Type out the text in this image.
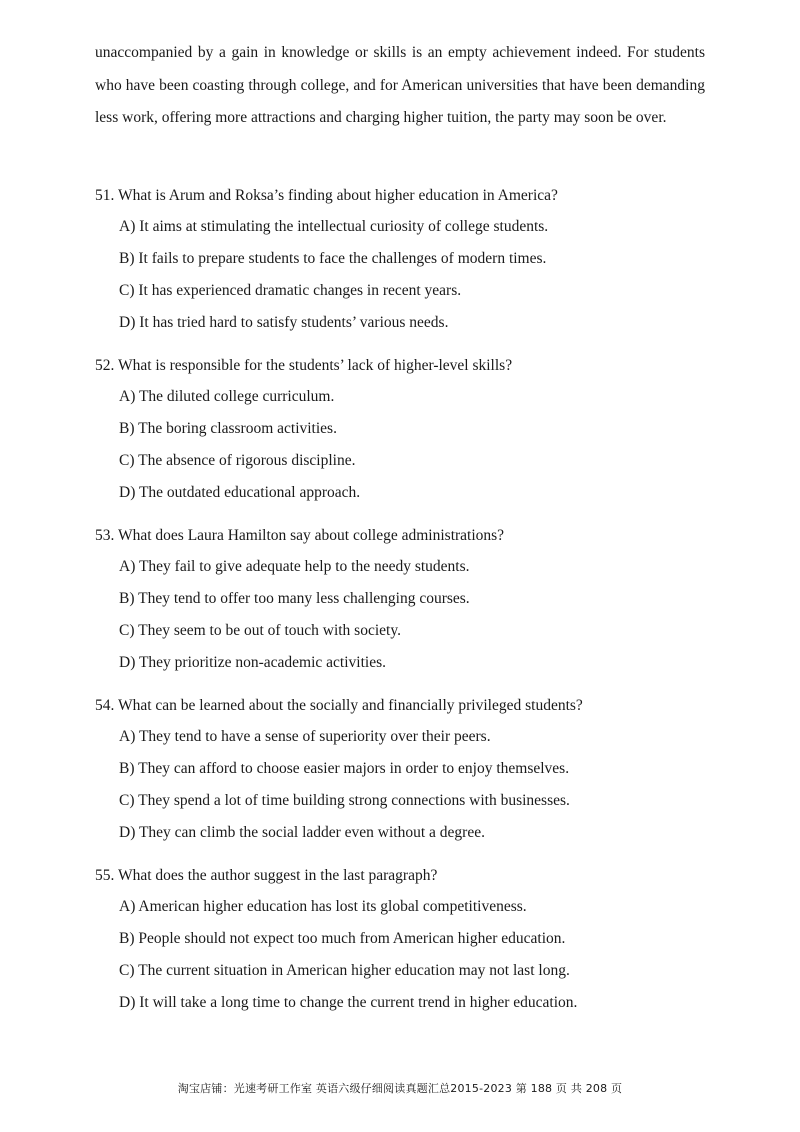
unaccompanied by a gain in knowledge or skills is an empty achievement indeed. For students who have been coasting through college, and for American universities that have been demanding less work, offering more attractions and charging higher tuition, the party may soon be over.

51. What is Arum and Roksa’s finding about higher education in America?

A) It aims at stimulating the intellectual curiosity of college students.
B) It fails to prepare students to face the challenges of modern times.
C) It has experienced dramatic changes in recent years.
D) It has tried hard to satisfy students’ various needs.

52. What is responsible for the students’ lack of higher-level skills?

A) The diluted college curriculum.
B) The boring classroom activities.
C) The absence of rigorous discipline.
D) The outdated educational approach.

53. What does Laura Hamilton say about college administrations?

A) They fail to give adequate help to the needy students.
B) They tend to offer too many less challenging courses.
C) They seem to be out of touch with society.
D) They prioritize non-academic activities.

54. What can be learned about the socially and financially privileged students?

A) They tend to have a sense of superiority over their peers.
B) They can afford to choose easier majors in order to enjoy themselves.
C) They spend a lot of time building strong connections with businesses.
D) They can climb the social ladder even without a degree.

55. What does the author suggest in the last paragraph?

A) American higher education has lost its global competitiveness.
B) People should not expect too much from American higher education.
C) The current situation in American higher education may not last long.
D) It will take a long time to change the current trend in higher education.
淘宝店铺：光速考研工作室 英语六级仔细阅读真题汇总2015-2023 第 188 页 共 208 页
